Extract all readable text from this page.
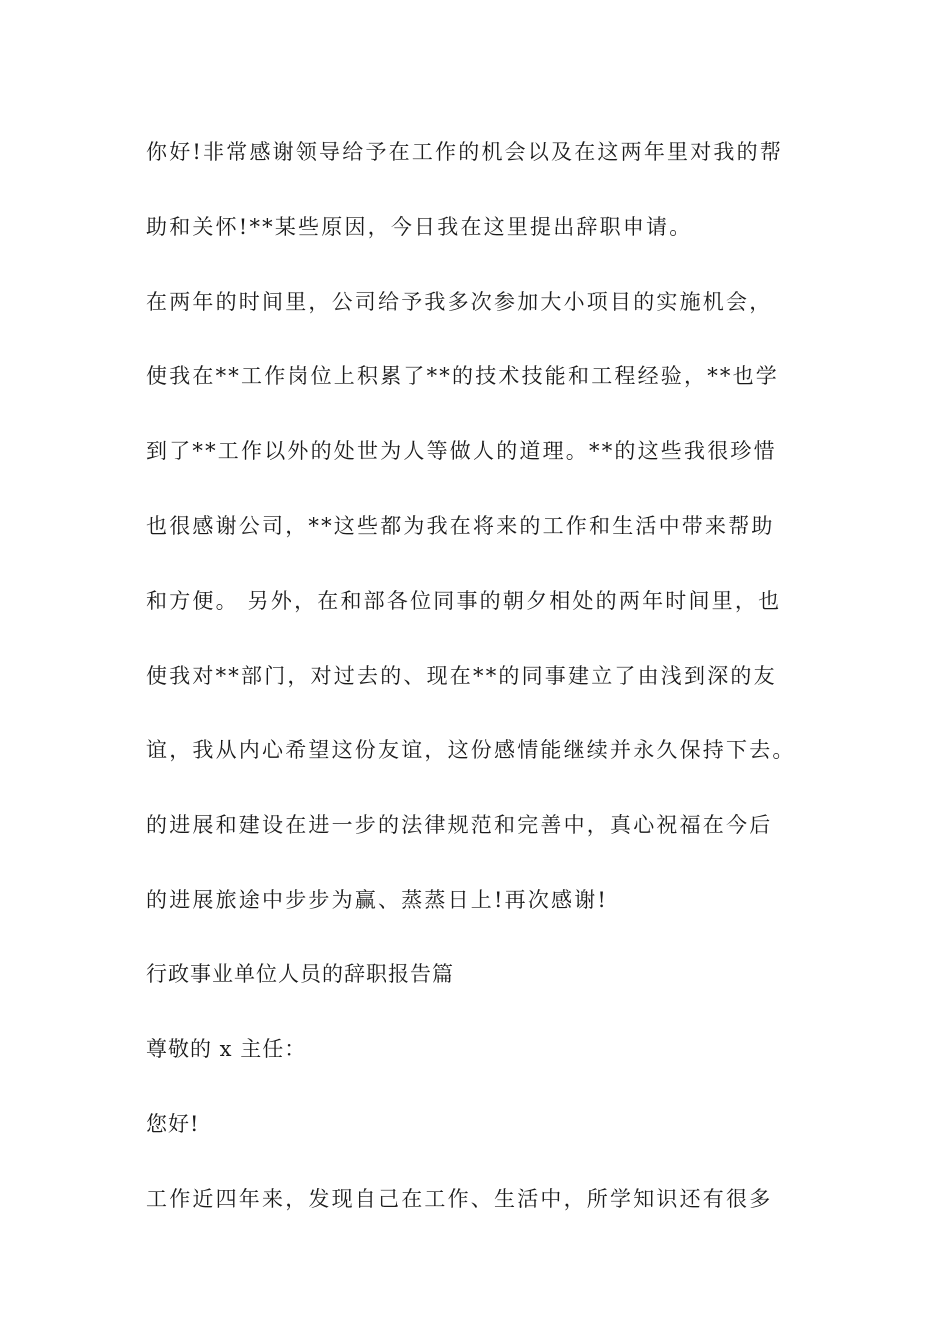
你好!非常感谢领导给予在工作的机会以及在这两年里对我的帮
助和关怀!**某些原因，今日我在这里提出辞职申请。
在两年的时间里，公司给予我多次参加大小项目的实施机会，
使我在**工作岗位上积累了**的技术技能和工程经验，**也学
到了**工作以外的处世为人等做人的道理。**的这些我很珍惜
也很感谢公司，**这些都为我在将来的工作和生活中带来帮助
和方便。 另外，在和部各位同事的朝夕相处的两年时间里，也
使我对**部门，对过去的、现在**的同事建立了由浅到深的友
谊，我从内心希望这份友谊，这份感情能继续并永久保持下去。
的进展和建设在进一步的法律规范和完善中，真心祝福在今后
的进展旅途中步步为赢、蒸蒸日上!再次感谢!
行政事业单位人员的辞职报告篇
尊敬的 x 主任：
您好!
工作近四年来，发现自己在工作、生活中，所学知识还有很多
